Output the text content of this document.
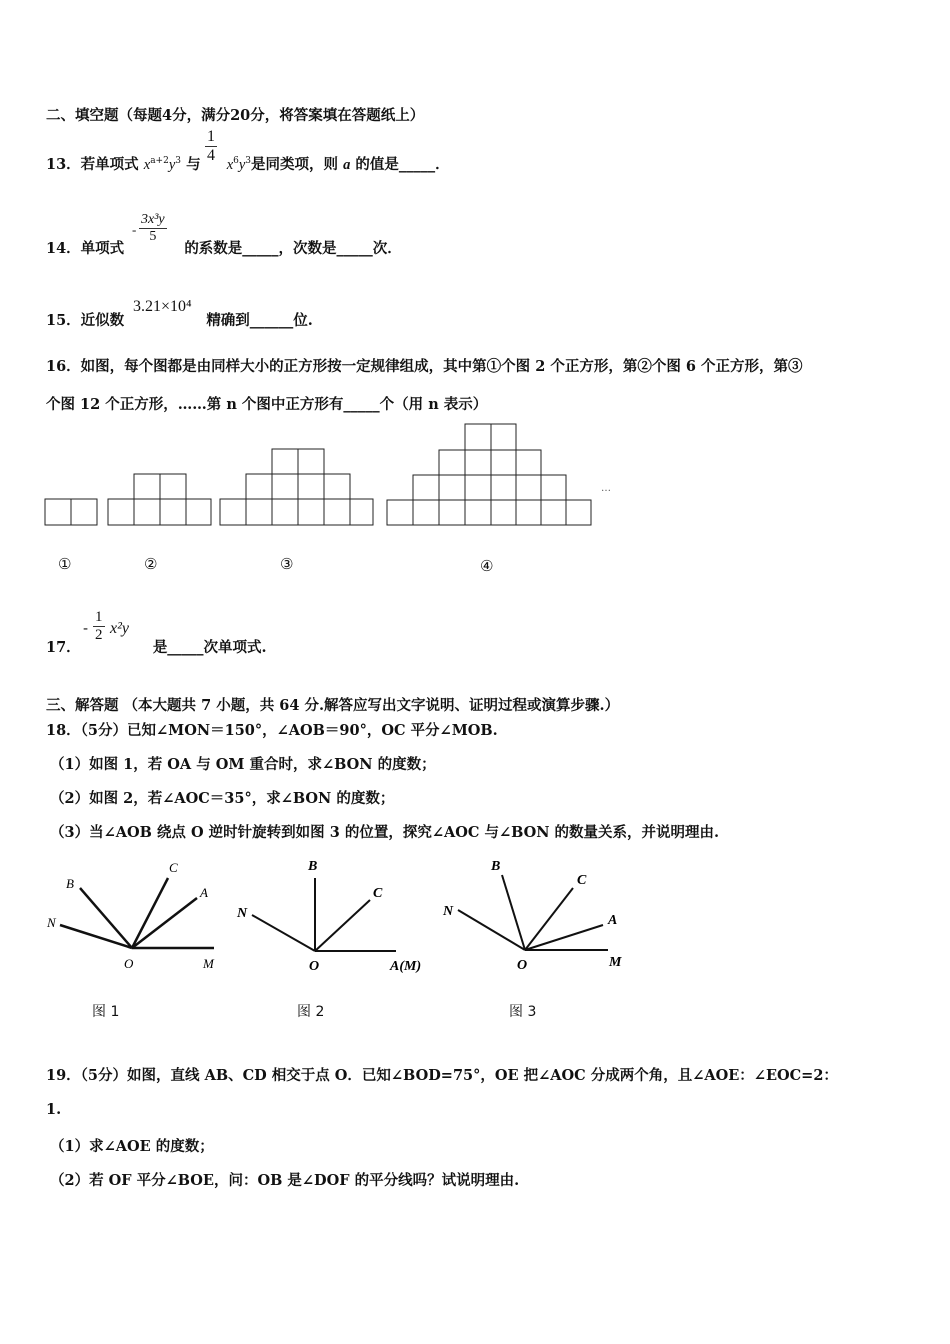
二、填空题（每题4分，满分20分，将答案填在答题纸上）
13．若单项式 $x^{a+2}y^3$ 与 $x^6y^3$是同类项，则 a 的值是_____．
$\frac{1}{4}$
14．单项式	的系数是_____，次数是_____次．
- $\frac{\text{3x³y}}{5}$
15．近似数	精确到______位.
3.21×10⁴
16．如图，每个图都是由同样大小的正方形按一定规律组成，其中第①个图 2 个正方形，第②个图 6 个正方形，第③
个图 12 个正方形，……第 n 个图中正方形有_____个（用 n 表示）
…
①	②	③	④
17．	是_____次单项式.
- $\frac{1}{2} x^2y$
三、解答题 （本大题共 7 小题，共 64 分.解答应写出文字说明、证明过程或演算步骤.）
18．（5分）已知∠MON＝150°，∠AOB＝90°，OC 平分∠MOB.
（1）如图 1，若 OA 与 OM 重合时，求∠BON 的度数；
（2）如图 2，若∠AOC＝35°，求∠BON 的度数；
（3）当∠AOB 绕点 O 逆时针旋转到如图 3 的位置，探究∠AOC 与∠BON 的数量关系，并说明理由.
B
C
A
N
O	M
B
C
N
O	A(M)
B
C
A
N
O	M
图 1	图 2	图 3
19．（5分）如图，直线 AB、CD 相交于点 O．已知∠BOD=75°，OE 把∠AOC 分成两个角，且∠AOE：∠EOC=2：
1.
（1）求∠AOE 的度数；
（2）若 OF 平分∠BOE，问：OB 是∠DOF 的平分线吗？试说明理由.
